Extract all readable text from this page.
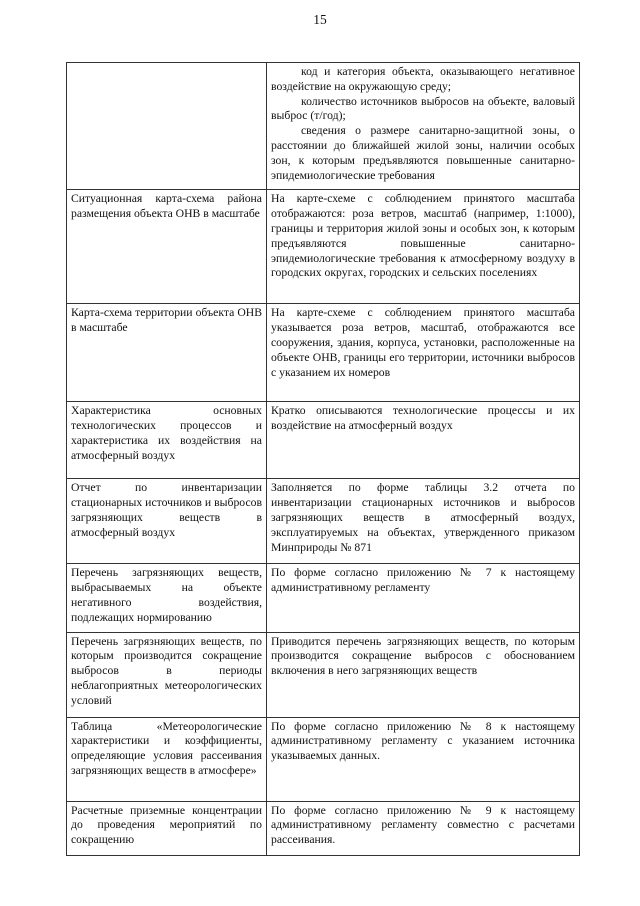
15

	код и категория объекта, оказывающего негативное воздействие на окружающую среду;

количество источников выбросов на объекте, валовый выброс (т/год);

сведения о размере санитарно-защитной зоны, о расстоянии до ближайшей жилой зоны, наличии особых зон, к которым предъявляются повышенные санитарно-эпидемиологические требования

Ситуационная карта-схема района размещения объекта ОНВ в масштабе	На карте-схеме с соблюдением принятого масштаба отображаются: роза ветров, масштаб (например, 1:1000), границы и территория жилой зоны и особых зон, к которым предъявляются повышенные санитарно-эпидемиологические требования к атмосферному воздуху в городских округах, городских и сельских поселениях

Карта-схема территории объекта ОНВ в масштабе	На карте-схеме с соблюдением принятого масштаба указывается роза ветров, масштаб, отображаются все сооружения, здания, корпуса, установки, расположенные на объекте ОНВ, границы его территории, источники выбросов с указанием их номеров

Характеристика основных технологических процессов и характеристика их воздействия на атмосферный воздух	Кратко описываются технологические процессы и их воздействие на атмосферный воздух

Отчет по инвентаризации стационарных источников и выбросов загрязняющих веществ в атмосферный воздух	Заполняется по форме таблицы 3.2 отчета по инвентаризации стационарных источников и выбросов загрязняющих веществ в атмосферный воздух, эксплуатируемых на объектах, утвержденного приказом Минприроды № 871

Перечень загрязняющих веществ, выбрасываемых на объекте негативного воздействия, подлежащих нормированию	По форме согласно приложению № 7 к настоящему административному регламенту

Перечень загрязняющих веществ, по которым производится сокращение выбросов в периоды неблагоприятных метеорологических условий	Приводится перечень загрязняющих веществ, по которым производится сокращение выбросов с обоснованием включения в него загрязняющих веществ

Таблица «Метеорологические характеристики и коэффициенты, определяющие условия рассеивания загрязняющих веществ в атмосфере»	По форме согласно приложению № 8 к настоящему административному регламенту с указанием источника указываемых данных.

Расчетные приземные концентрации до проведения мероприятий по сокращению	По форме согласно приложению № 9 к настоящему административному регламенту совместно с расчетами рассеивания.
